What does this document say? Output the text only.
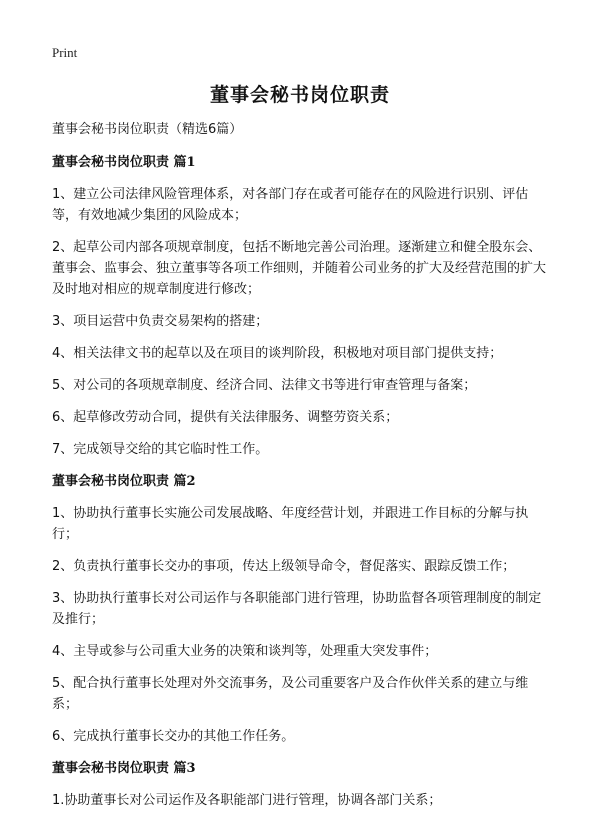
Print
董事会秘书岗位职责

董事会秘书岗位职责（精选6篇）

董事会秘书岗位职责 篇1

1、建立公司法律风险管理体系，对各部门存在或者可能存在的风险进行识别、评估等，有效地减少集团的风险成本；

2、起草公司内部各项规章制度，包括不断地完善公司治理。逐渐建立和健全股东会、董事会、监事会、独立董事等各项工作细则，并随着公司业务的扩大及经营范围的扩大及时地对相应的规章制度进行修改；

3、项目运营中负责交易架构的搭建；

4、相关法律文书的起草以及在项目的谈判阶段，积极地对项目部门提供支持；

5、对公司的各项规章制度、经济合同、法律文书等进行审查管理与备案；

6、起草修改劳动合同，提供有关法律服务、调整劳资关系；

7、完成领导交给的其它临时性工作。

董事会秘书岗位职责 篇2

1、协助执行董事长实施公司发展战略、年度经营计划，并跟进工作目标的分解与执行；

2、负责执行董事长交办的事项，传达上级领导命令，督促落实、跟踪反馈工作；

3、协助执行董事长对公司运作与各职能部门进行管理，协助监督各项管理制度的制定及推行；

4、主导或参与公司重大业务的决策和谈判等，处理重大突发事件；

5、配合执行董事长处理对外交流事务，及公司重要客户及合作伙伴关系的建立与维系；

6、完成执行董事长交办的其他工作任务。

董事会秘书岗位职责 篇3

1.协助董事长对公司运作及各职能部门进行管理，协调各部门关系；
